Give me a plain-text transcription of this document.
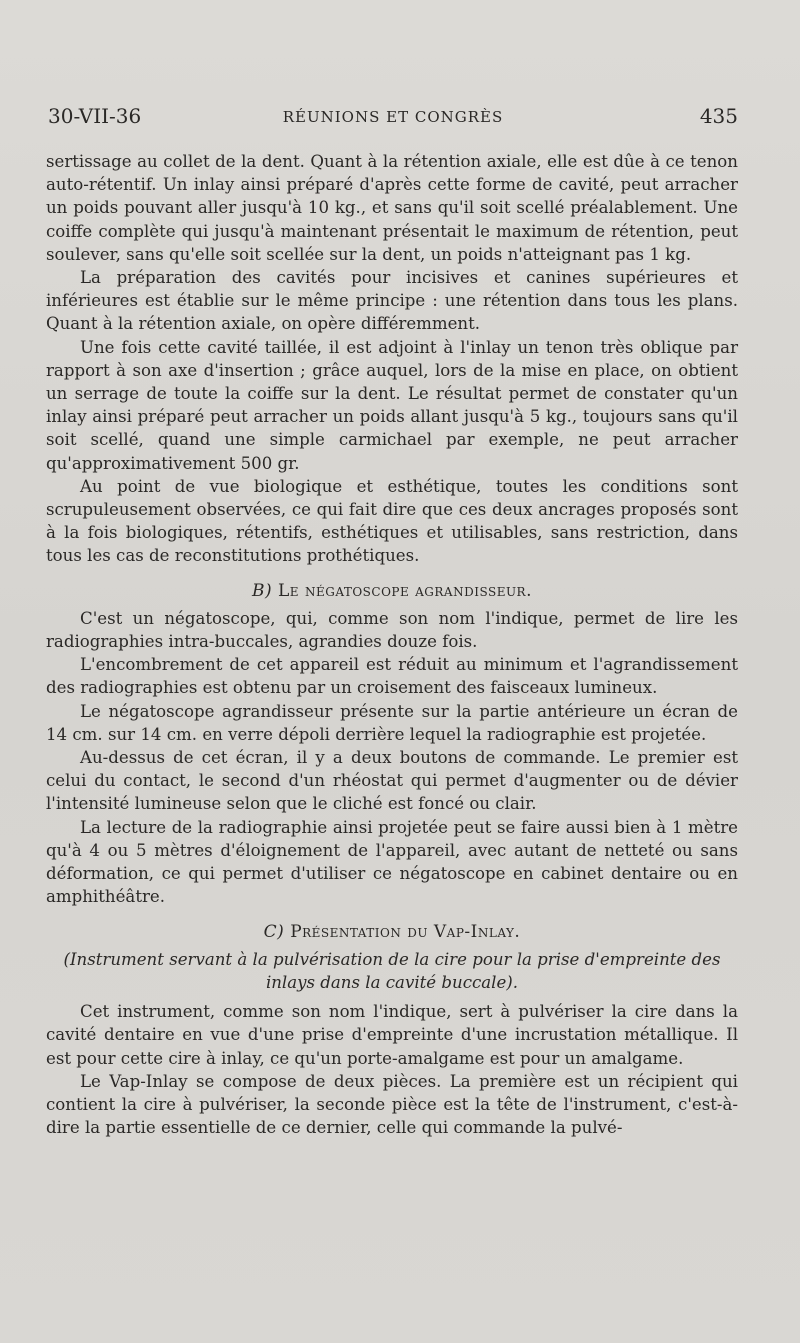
30-VII-36	RÉUNIONS ET CONGRÈS	435

sertissage au collet de la dent. Quant à la rétention axiale, elle est dûe à ce tenon auto-rétentif. Un inlay ainsi préparé d'après cette forme de cavité, peut arracher un poids pouvant aller jusqu'à 10 kg., et sans qu'il soit scellé préalablement. Une coiffe complète qui jusqu'à maintenant présentait le maximum de rétention, peut soulever, sans qu'elle soit scellée sur la dent, un poids n'atteignant pas 1 kg.

La préparation des cavités pour incisives et canines supérieures et inférieures est établie sur le même principe : une rétention dans tous les plans. Quant à la rétention axiale, on opère différemment.

Une fois cette cavité taillée, il est adjoint à l'inlay un tenon très oblique par rapport à son axe d'insertion ; grâce auquel, lors de la mise en place, on obtient un serrage de toute la coiffe sur la dent. Le résultat permet de constater qu'un inlay ainsi préparé peut arracher un poids allant jusqu'à 5 kg., toujours sans qu'il soit scellé, quand une simple carmichael par exemple, ne peut arracher qu'approximativement 500 gr.

Au point de vue biologique et esthétique, toutes les conditions sont scrupuleusement observées, ce qui fait dire que ces deux ancrages proposés sont à la fois biologiques, rétentifs, esthétiques et utilisables, sans restriction, dans tous les cas de reconstitutions prothétiques.

B) Le négatoscope agrandisseur.

C'est un négatoscope, qui, comme son nom l'indique, permet de lire les radiographies intra-buccales, agrandies douze fois.

L'encombrement de cet appareil est réduit au minimum et l'agrandissement des radiographies est obtenu par un croisement des faisceaux lumineux.

Le négatoscope agrandisseur présente sur la partie antérieure un écran de 14 cm. sur 14 cm. en verre dépoli derrière lequel la radiographie est projetée.

Au-dessus de cet écran, il y a deux boutons de commande. Le premier est celui du contact, le second d'un rhéostat qui permet d'augmenter ou de dévier l'intensité lumineuse selon que le cliché est foncé ou clair.

La lecture de la radiographie ainsi projetée peut se faire aussi bien à 1 mètre qu'à 4 ou 5 mètres d'éloignement de l'appareil, avec autant de netteté ou sans déformation, ce qui permet d'utiliser ce négatoscope en cabinet dentaire ou en amphithéâtre.

C) Présentation du Vap-Inlay.
(Instrument servant à la pulvérisation de la cire pour la prise d'empreinte des inlays dans la cavité buccale).

Cet instrument, comme son nom l'indique, sert à pulvériser la cire dans la cavité dentaire en vue d'une prise d'empreinte d'une incrustation métallique. Il est pour cette cire à inlay, ce qu'un porte-amalgame est pour un amalgame.

Le Vap-Inlay se compose de deux pièces. La première est un récipient qui contient la cire à pulvériser, la seconde pièce est la tête de l'instrument, c'est-à-dire la partie essentielle de ce dernier, celle qui commande la pulvé-
